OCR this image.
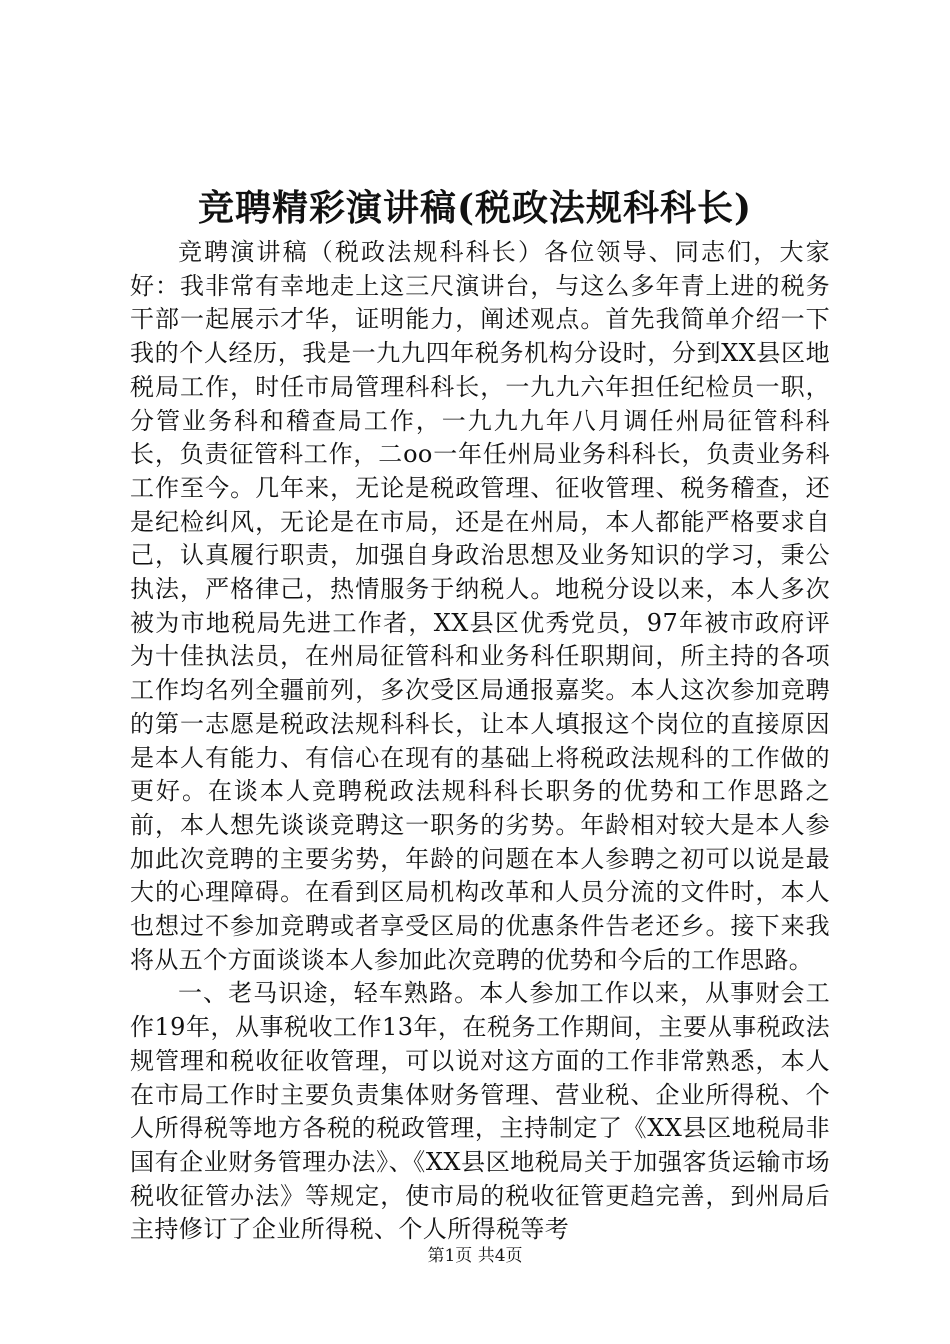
竞聘精彩演讲稿(税政法规科科长)

竞聘演讲稿（税政法规科科长）各位领导、同志们，大家好：我非常有幸地走上这三尺演讲台，与这么多年青上进的税务干部一起展示才华，证明能力，阐述观点。首先我简单介绍一下我的个人经历，我是一九九四年税务机构分设时，分到XX县区地税局工作，时任市局管理科科长，一九九六年担任纪检员一职，分管业务科和稽查局工作，一九九九年八月调任州局征管科科长，负责征管科工作，二oo一年任州局业务科科长，负责业务科工作至今。几年来，无论是税政管理、征收管理、税务稽查，还是纪检纠风，无论是在市局，还是在州局，本人都能严格要求自己，认真履行职责，加强自身政治思想及业务知识的学习，秉公执法，严格律己，热情服务于纳税人。地税分设以来，本人多次被为市地税局先进工作者，XX县区优秀党员，97年被市政府评为十佳执法员，在州局征管科和业务科任职期间，所主持的各项工作均名列全疆前列，多次受区局通报嘉奖。本人这次参加竞聘的第一志愿是税政法规科科长，让本人填报这个岗位的直接原因是本人有能力、有信心在现有的基础上将税政法规科的工作做的更好。在谈本人竞聘税政法规科科长职务的优势和工作思路之前，本人想先谈谈竞聘这一职务的劣势。年龄相对较大是本人参加此次竞聘的主要劣势，年龄的问题在本人参聘之初可以说是最大的心理障碍。在看到区局机构改革和人员分流的文件时，本人也想过不参加竞聘或者享受区局的优惠条件告老还乡。接下来我将从五个方面谈谈本人参加此次竞聘的优势和今后的工作思路。

一、老马识途，轻车熟路。本人参加工作以来，从事财会工作19年，从事税收工作13年，在税务工作期间，主要从事税政法规管理和税收征收管理，可以说对这方面的工作非常熟悉，本人在市局工作时主要负责集体财务管理、营业税、企业所得税、个人所得税等地方各税的税政管理，主持制定了《XX县区地税局非国有企业财务管理办法》、《XX县区地税局关于加强客货运输市场税收征管办法》等规定，使市局的税收征管更趋完善，到州局后主持修订了企业所得税、个人所得税等考

第1页 共4页
